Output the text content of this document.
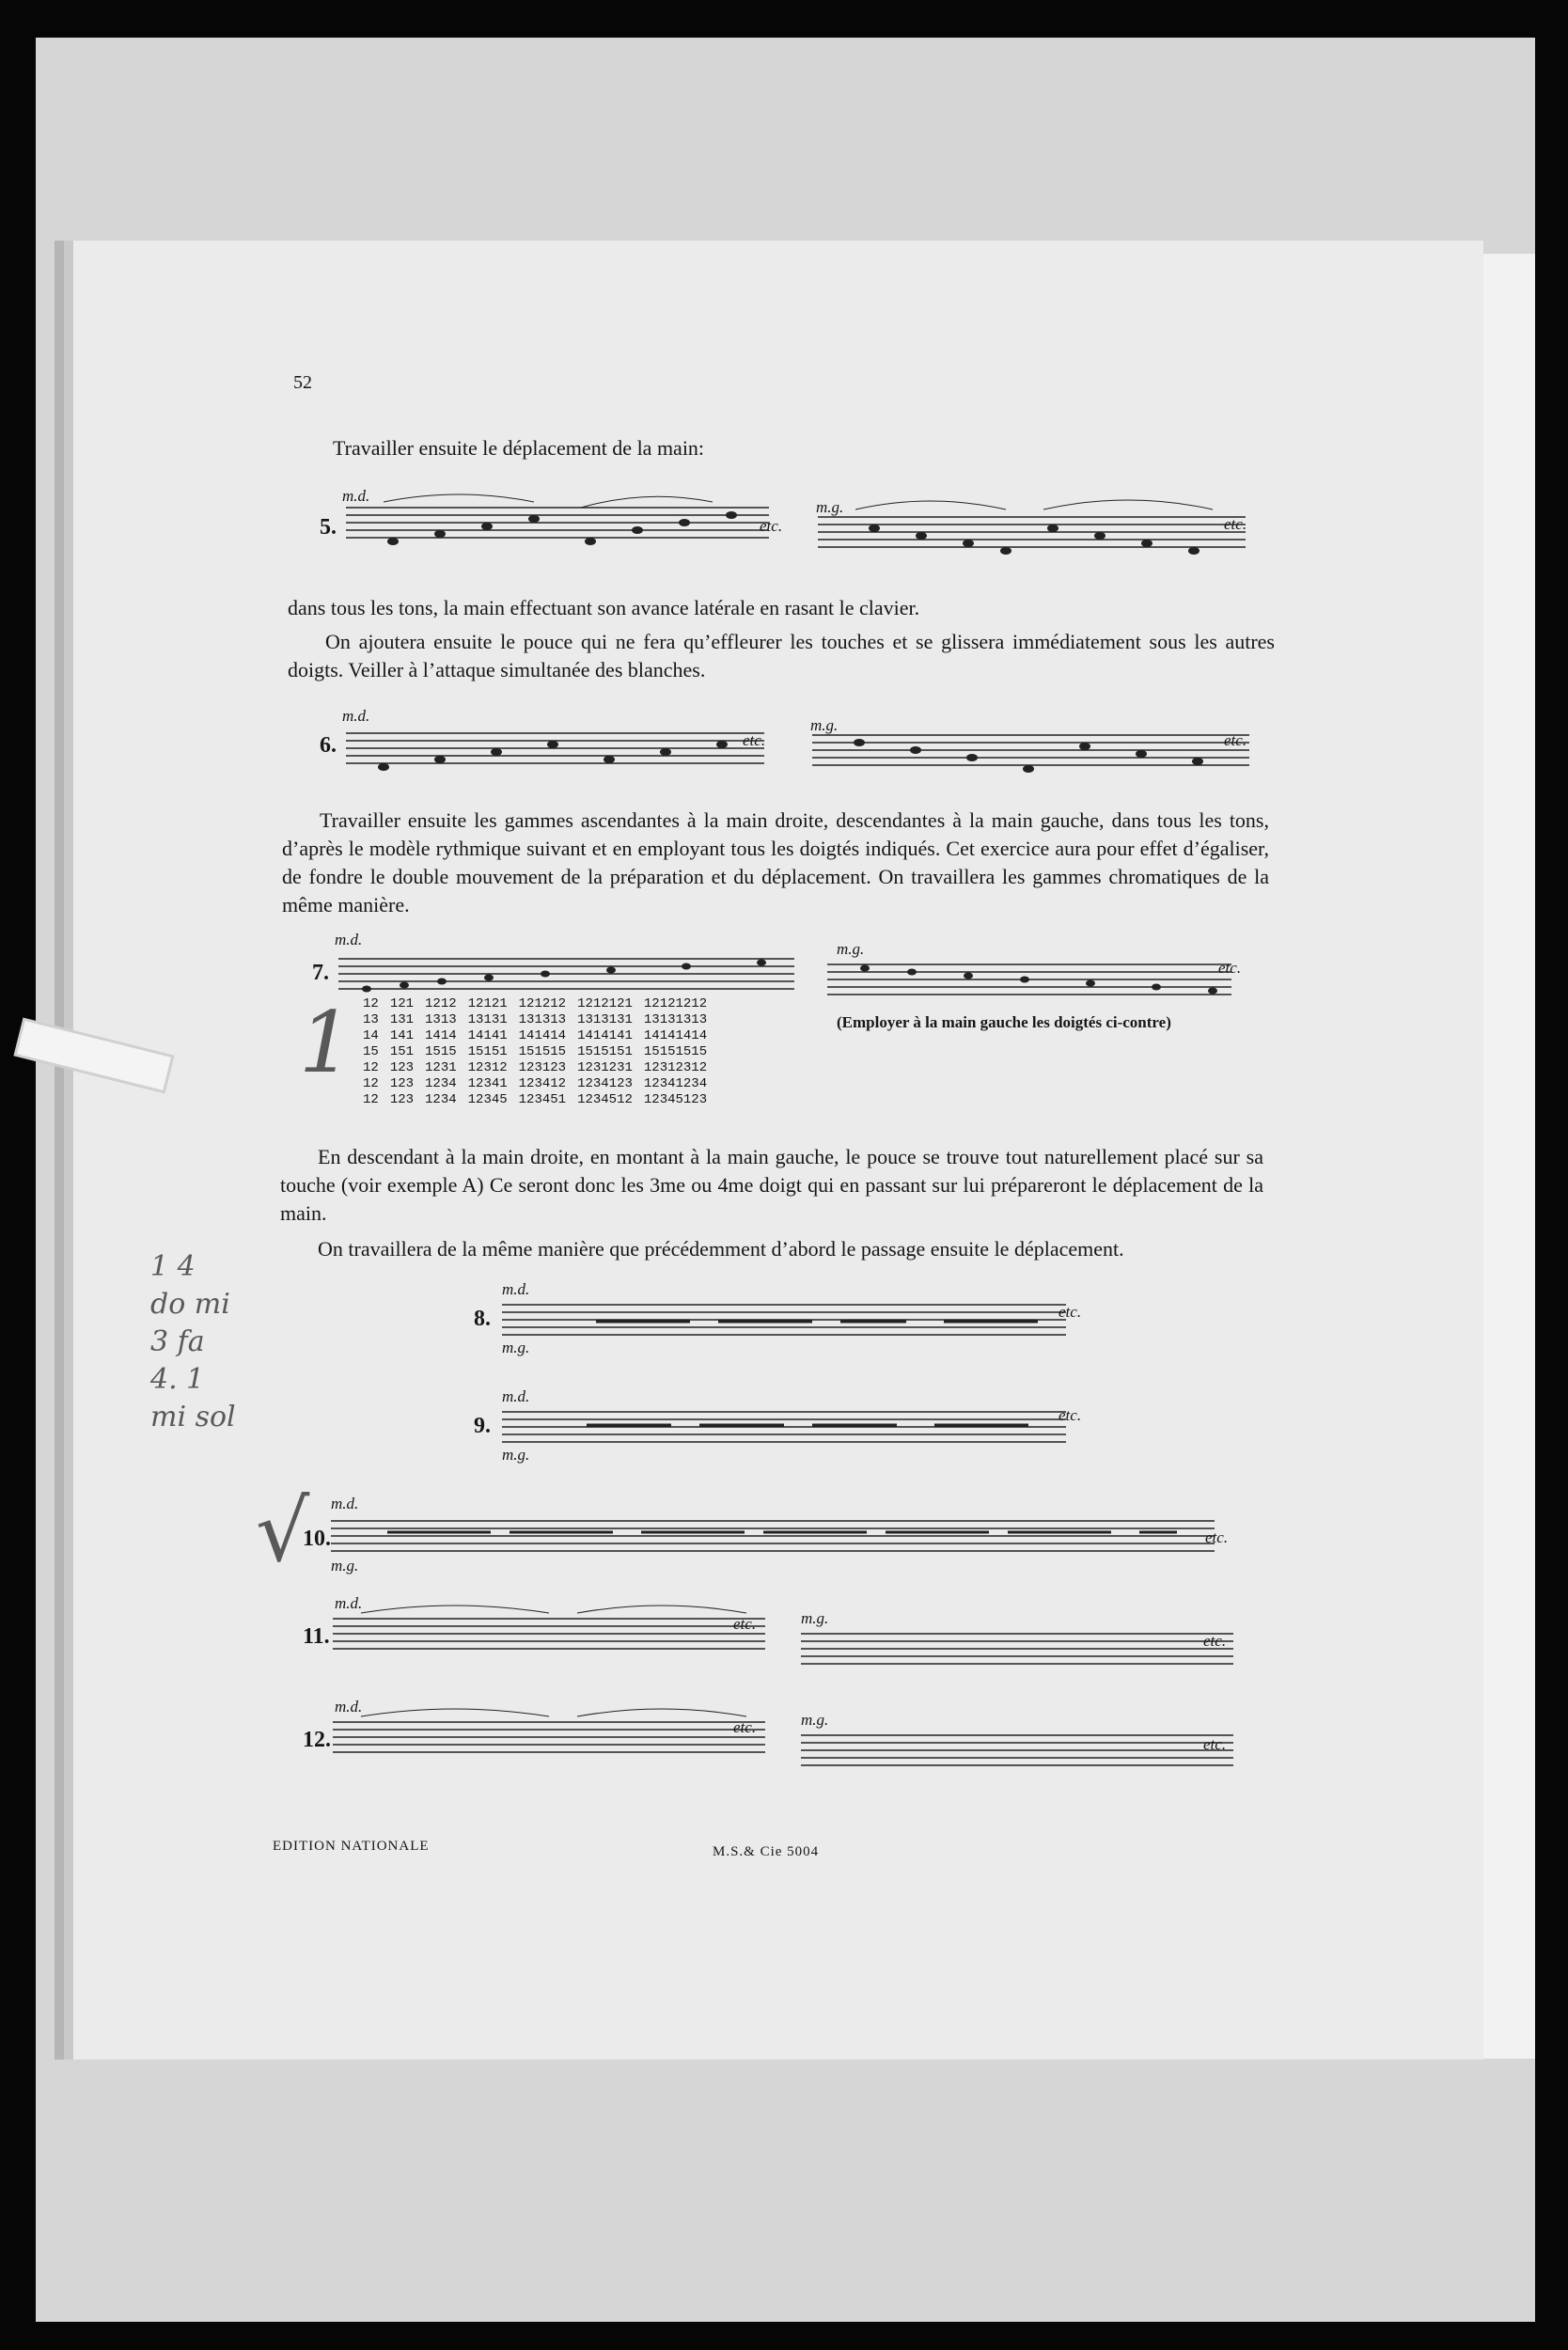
52
Travailler ensuite le déplacement de la main:
5.
m.d.
etc.
m.g.
etc.
dans tous les tons, la main effectuant son avance latérale en rasant le clavier.
On ajoutera ensuite le pouce qui ne fera qu’effleurer les touches et se glissera immédiatement sous les autres doigts. Veiller à l’attaque simultanée des blanches.
6.
m.d.
etc.
m.g.
etc.
Travailler ensuite les gammes ascendantes à la main droite, descendantes à la main gauche, dans tous les tons, d’après le modèle rythmique suivant et en employant tous les doigtés indiqués. Cet exercice aura pour effet d’égaliser, de fondre le double mouvement de la préparation et du déplacement. On travaillera les gammes chromatiques de la même manière.
7.
m.d.
12	121	1212	12121	121212	1212121	12121212
13	131	1313	13131	131313	1313131	13131313
14	141	1414	14141	141414	1414141	14141414
15	151	1515	15151	151515	1515151	15151515
12	123	1231	12312	123123	1231231	12312312
12	123	1234	12341	123412	1234123	12341234
12	123	1234	12345	123451	1234512	12345123
m.g.
etc.
(Employer à la main gauche les doigtés ci-contre)
En descendant à la main droite, en montant à la main gauche, le pouce se trouve tout naturellement placé sur sa touche (voir exemple A) Ce seront donc les 3me ou 4me doigt qui en passant sur lui prépareront le déplacement de la main.
On travaillera de la même manière que précédemment d’abord le passage ensuite le déplacement.
8.
m.d.
m.g.
etc.
9.
m.d.
m.g.
etc.
10.
m.d.
m.g.
etc.
11.
m.d.
etc.	m.g.
etc.
12.
m.d.
etc.	m.g.
etc.
EDITION NATIONALE	M.S.& Cie 5004
1 4
do mi
3 fa
4. 1
mi sol
1
√
